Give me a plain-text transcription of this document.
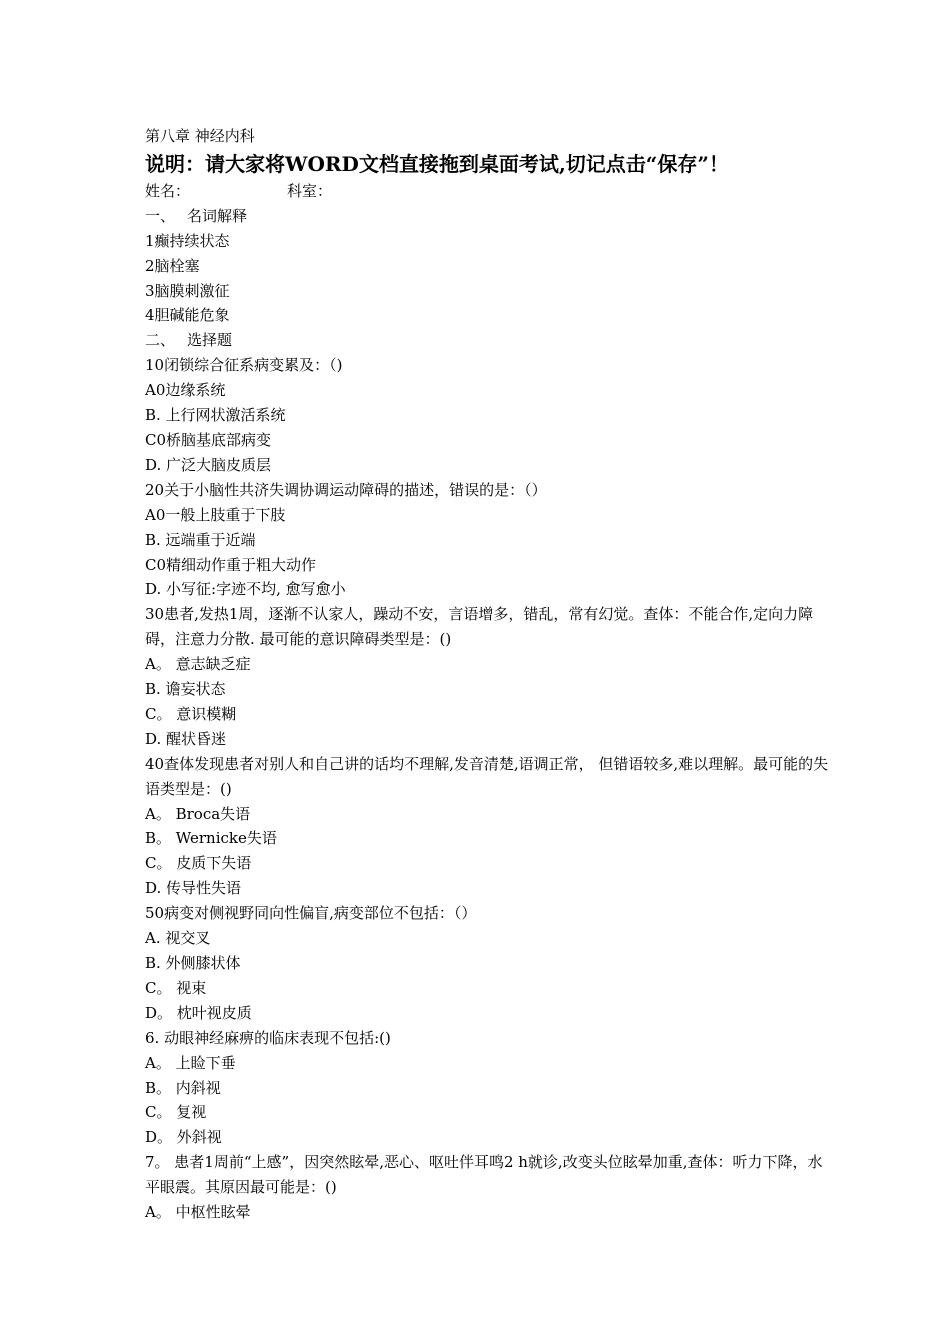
第八章 神经内科
说明：请大家将WORD文档直接拖到桌面考试,切记点击“保存”！
姓名：	科室：
一、 名词解释
1癫持续状态
2脑栓塞
3脑膜刺激征
4胆碱能危象
二、 选择题
10闭锁综合征系病变累及：（)
A0边缘系统
B. 上行网状激活系统
C0桥脑基底部病变
D. 广泛大脑皮质层
20关于小脑性共济失调协调运动障碍的描述，错误的是：（）
A0一般上肢重于下肢
B. 远端重于近端
C0精细动作重于粗大动作
D. 小写征:字迹不均, 愈写愈小
30患者,发热1周，逐渐不认家人，躁动不安，言语增多，错乱，常有幻觉。查体：不能合作,定向力障碍，注意力分散. 最可能的意识障碍类型是：()
A。 意志缺乏症
B. 谵妄状态
C。 意识模糊
D. 醒状昏迷
40查体发现患者对别人和自己讲的话均不理解,发音清楚,语调正常， 但错语较多,难以理解。最可能的失语类型是：()
A。 Broca失语
B。 Wernicke失语
C。 皮质下失语
D. 传导性失语
50病变对侧视野同向性偏盲,病变部位不包括：（）
A. 视交叉
B. 外侧膝状体
C。 视束
D。 枕叶视皮质
6. 动眼神经麻痹的临床表现不包括:()
A。 上睑下垂
B。 内斜视
C。 复视
D。 外斜视
7。 患者1周前“上感”，因突然眩晕,恶心、呕吐伴耳鸣2 h就诊,改变头位眩晕加重,查体：听力下降，水平眼震。其原因最可能是：()
A。 中枢性眩晕
